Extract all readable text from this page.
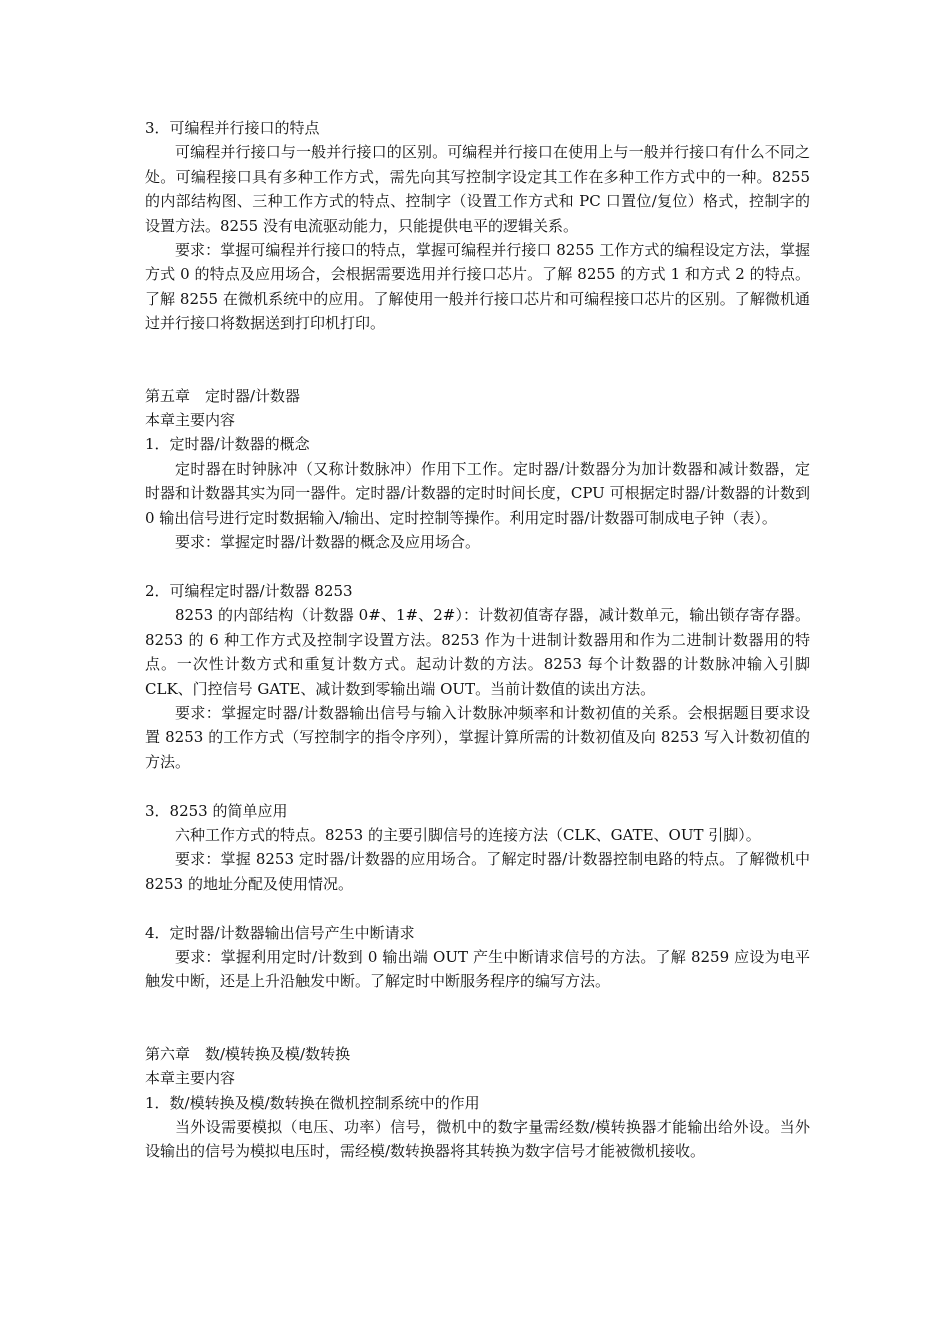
3．可编程并行接口的特点

可编程并行接口与一般并行接口的区别。可编程并行接口在使用上与一般并行接口有什么不同之处。可编程接口具有多种工作方式，需先向其写控制字设定其工作在多种工作方式中的一种。8255 的内部结构图、三种工作方式的特点、控制字（设置工作方式和 PC 口置位/复位）格式，控制字的设置方法。8255 没有电流驱动能力，只能提供电平的逻辑关系。

要求：掌握可编程并行接口的特点，掌握可编程并行接口 8255 工作方式的编程设定方法，掌握方式 0 的特点及应用场合，会根据需要选用并行接口芯片。了解 8255 的方式 1 和方式 2 的特点。了解 8255 在微机系统中的应用。了解使用一般并行接口芯片和可编程接口芯片的区别。了解微机通过并行接口将数据送到打印机打印。

第五章　定时器/计数器

本章主要内容

1．定时器/计数器的概念

定时器在时钟脉冲（又称计数脉冲）作用下工作。定时器/计数器分为加计数器和减计数器，定时器和计数器其实为同一器件。定时器/计数器的定时时间长度，CPU 可根据定时器/计数器的计数到 0 输出信号进行定时数据输入/输出、定时控制等操作。利用定时器/计数器可制成电子钟（表）。

要求：掌握定时器/计数器的概念及应用场合。

2．可编程定时器/计数器 8253

8253 的内部结构（计数器 0#、1#、2#）：计数初值寄存器，减计数单元，输出锁存寄存器。8253 的 6 种工作方式及控制字设置方法。8253 作为十进制计数器用和作为二进制计数器用的特点。一次性计数方式和重复计数方式。起动计数的方法。8253 每个计数器的计数脉冲输入引脚 CLK、门控信号 GATE、减计数到零输出端 OUT。当前计数值的读出方法。

要求：掌握定时器/计数器输出信号与输入计数脉冲频率和计数初值的关系。会根据题目要求设置 8253 的工作方式（写控制字的指令序列），掌握计算所需的计数初值及向 8253 写入计数初值的方法。

3．8253 的简单应用

六种工作方式的特点。8253 的主要引脚信号的连接方法（CLK、GATE、OUT 引脚）。

要求：掌握 8253 定时器/计数器的应用场合。了解定时器/计数器控制电路的特点。了解微机中 8253 的地址分配及使用情况。

4．定时器/计数器输出信号产生中断请求

要求：掌握利用定时/计数到 0 输出端 OUT 产生中断请求信号的方法。了解 8259 应设为电平触发中断，还是上升沿触发中断。了解定时中断服务程序的编写方法。

第六章　数/模转换及模/数转换

本章主要内容

1．数/模转换及模/数转换在微机控制系统中的作用

当外设需要模拟（电压、功率）信号，微机中的数字量需经数/模转换器才能输出给外设。当外设输出的信号为模拟电压时，需经模/数转换器将其转换为数字信号才能被微机接收。
